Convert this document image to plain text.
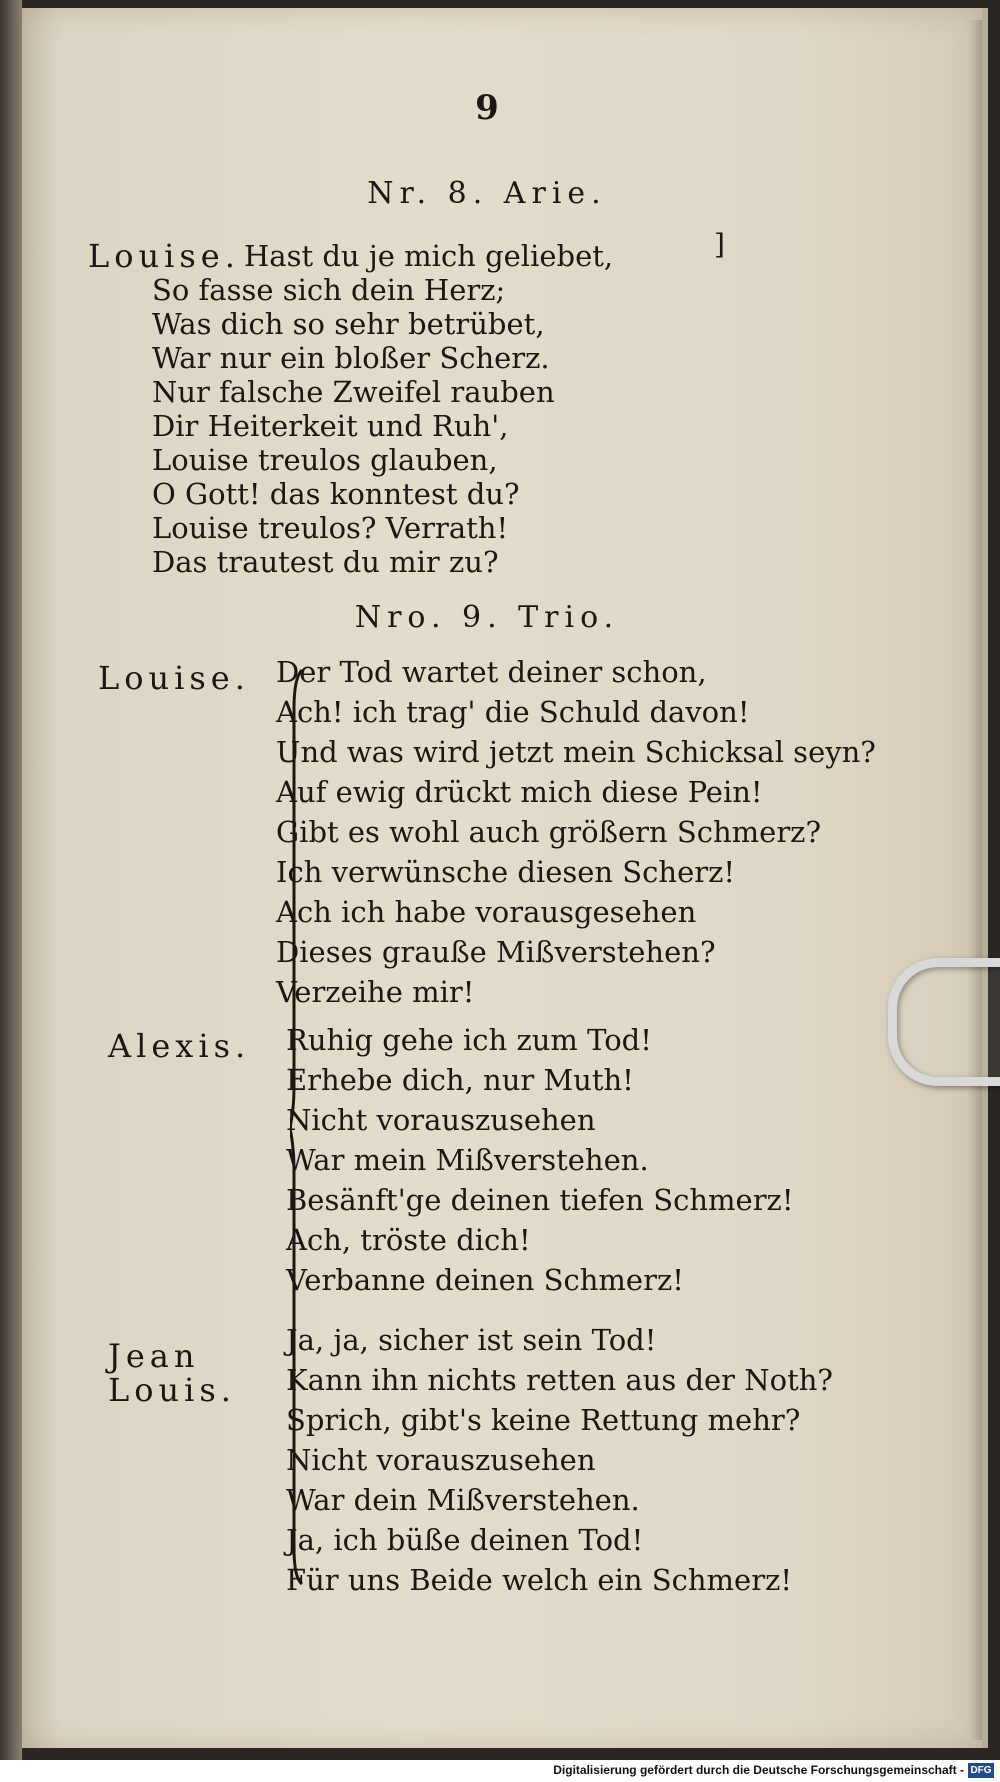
9
Nr. 8. Arie.
Louise. Hast du je mich geliebet,
So fasse sich dein Herz;
Was dich so sehr betrübet,
War nur ein bloßer Scherz.
Nur falsche Zweifel rauben
Dir Heiterkeit und Ruh',
Louise treulos glauben,
O Gott! das konntest du?
Louise treulos? Verrath!
Das trautest du mir zu?
]
Nro. 9. Trio.
Louise. Der Tod wartet deiner schon,
Ach! ich trag' die Schuld davon!
Und was wird jetzt mein Schicksal seyn?
Auf ewig drückt mich diese Pein!
Gibt es wohl auch größern Schmerz?
Ich verwünsche diesen Scherz!
Ach ich habe vorausgesehen
Dieses grauße Mißverstehen?
Verzeihe mir!
Alexis. Ruhig gehe ich zum Tod!
Erhebe dich, nur Muth!
Nicht vorauszusehen
War mein Mißverstehen.
Besänft'ge deinen tiefen Schmerz!
Ach, tröste dich!
Verbanne deinen Schmerz!
Jean
Louis.
Ja, ja, sicher ist sein Tod!
Kann ihn nichts retten aus der Noth?
Sprich, gibt's keine Rettung mehr?
Nicht vorauszusehen
War dein Mißverstehen.
Ja, ich büße deinen Tod!
Für uns Beide welch ein Schmerz!
Digitalisierung gefördert durch die Deutsche Forschungsgemeinschaft - DFG
